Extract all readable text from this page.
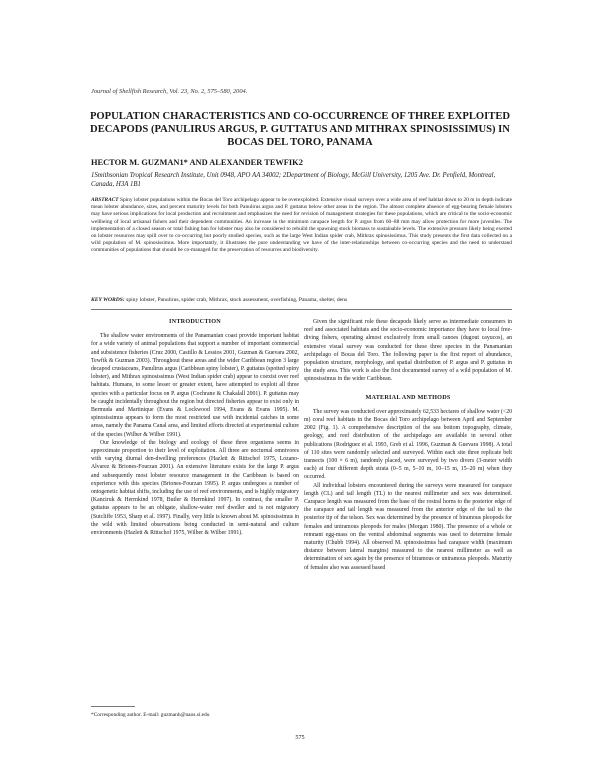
Journal of Shellfish Research, Vol. 23, No. 2, 575–580, 2004.
POPULATION CHARACTERISTICS AND CO-OCCURRENCE OF THREE EXPLOITED DECAPODS (PANULIRUS ARGUS, P. GUTTATUS AND MITHRAX SPINOSISSIMUS) IN BOCAS DEL TORO, PANAMA
HECTOR M. GUZMAN1* AND ALEXANDER TEWFIK2
1Smithsonian Tropical Research Institute, Unit 0948, APO AA 34002; 2Department of Biology, McGill University, 1205 Ave. Dr. Penfield, Montreal, Canada, H3A 1B1
ABSTRACT Spiny lobster populations within the Bocas del Toro archipelago appear to be overexploited. Extensive visual surveys over a wide area of reef habitat down to 20 m in depth indicate mean lobster abundance, sizes, and percent maturity levels for both Panulirus argus and P. guttatus below other areas in the region. The almost complete absence of egg-bearing female lobsters may have serious implications for local production and recruitment and emphasizes the need for revision of management strategies for these populations, which are critical to the socio-economic wellbeing of local artisanal fishers and their dependent communities. An increase in the minimum carapace length for P. argus from 60–88 mm may allow protection for more juveniles. The implementation of a closed season or total fishing ban for lobster may also be considered to rebuild the spawning stock biomass to sustainable levels. The extensive pressure likely being exerted on lobster resources may spill over to co-occurring but poorly studied species, such as the large West Indian spider crab, Mithrax spinosissimus. This study presents the first data collected on a wild population of M. spinosissimus. More importantly, it illustrates the pure understanding we have of the inter-relationships between co-occurring species and the need to understand communities of populations that should be co-managed for the preservation of resources and biodiversity.
KEY WORDS: spiny lobster, Panulirus, spider crab, Mithrax, stock assessment, overfishing, Panama, shelter, dens

INTRODUCTION

The shallow water environments of the Panamanian coast provide important habitat for a wide variety of animal populations that support a number of important commercial and subsistence fisheries (Cruz 2000, Castillo & Lessios 2001, Guzman & Guevara 2002, Tewfik & Guzman 2003). Throughout these areas and the wider Caribbean region 3 large decapod crustaceans, Panulirus argus (Caribbean spiny lobster), P. guttatus (spotted spiny lobster), and Mithrax spinosissimus (West Indian spider crab) appear to coexist over reef habitats. Humans, to some lesser or greater extent, have attempted to exploit all three species with a particular focus on P. argus (Cochrane & Chakalall 2001). P. guttatus may be caught incidentally throughout the region but directed fisheries appear to exist only in Bermuda and Martinique (Evans & Lockwood 1994, Evans & Evans 1995). M. spinosissimus appears to form the most restricted use with incidental catches in some areas, namely the Panama Canal area, and limited efforts directed at experimental culture of the species (Wilber & Wilber 1991).

Our knowledge of the biology and ecology of these three organisms seems in approximate proportion to their level of exploitation. All three are nocturnal omnivores with varying diurnal den-dwelling preferences (Hazlett & Rittschof 1975, Lozano-Alvarez & Briones-Fourzan 2001). An extensive literature exists for the large P. argus and subsequently most lobster resource management in the Caribbean is based on experience with this species (Briones-Fourzan 1995). P. argus undergoes a number of ontogenetic habitat shifts, including the use of reef environments, and is highly migratory (Kanciruk & Herrnkind 1978, Butler & Herrnkind 1997). In contrast, the smaller P. guttatus appears to be an obligate, shallow-water reef dweller and is not migratory (Sutcliffe 1953, Sharp et al. 1997). Finally, very little is known about M. spinosissimus in the wild with limited observations being conducted in semi-natural and culture environments (Hazlett & Rittschof 1975, Wilber & Wilber 1991).

Given the significant role these decapods likely serve as intermediate consumers in reef and associated habitats and the socio-economic importance they have to local free-diving fishers, operating almost exclusively from small canoes (dugout cayucos), an extensive visual survey was conducted for these three species in the Panamanian archipelago of Bocas del Toro. The following paper is the first report of abundance, population structure, morphology, and spatial distribution of P. argus and P. guttatus in the study area. This work is also the first documented survey of a wild population of M. spinosissimus in the wider Caribbean.

MATERIAL AND METHODS

The survey was conducted over approximately 62,533 hectares of shallow water (<20 m) coral reef habitats in the Bocas del Toro archipelago between April and September 2002 (Fig. 1). A comprehensive description of the sea bottom topography, climate, geology, and reef distribution of the archipelago are available in several other publications (Rodriguez et al. 1993, Greb et al. 1996, Guzman & Guevara 1998). A total of 110 sites were randomly selected and surveyed. Within each site three replicate belt transects (100 × 6 m), randomly placed, were surveyed by two divers (3-meter width each) at four different depth strata (0–5 m, 5–10 m, 10–15 m, 15–20 m) when they occurred.

All individual lobsters encountered during the surveys were measured for carapace length (CL) and tail length (TL) to the nearest millimeter and sex was determined. Carapace length was measured from the base of the rostral horns to the posterior edge of the carapace and tail length was measured from the anterior edge of the tail to the posterior tip of the telson. Sex was determined by the presence of biramous pleopods for females and uniramous pleopods for males (Morgan 1980). The presence of a whole or remnant egg-mass on the ventral abdominal segments was used to determine female maturity (Chubb 1994). All observed M. spinosissimus had carapace width (maximum distance between lateral margins) measured to the nearest millimeter as well as determination of sex again by the presence of biramous or uniramous pleopods. Maturity of females also was assessed based

*Corresponding author. E-mail: guzmanh@naos.si.edu
575
